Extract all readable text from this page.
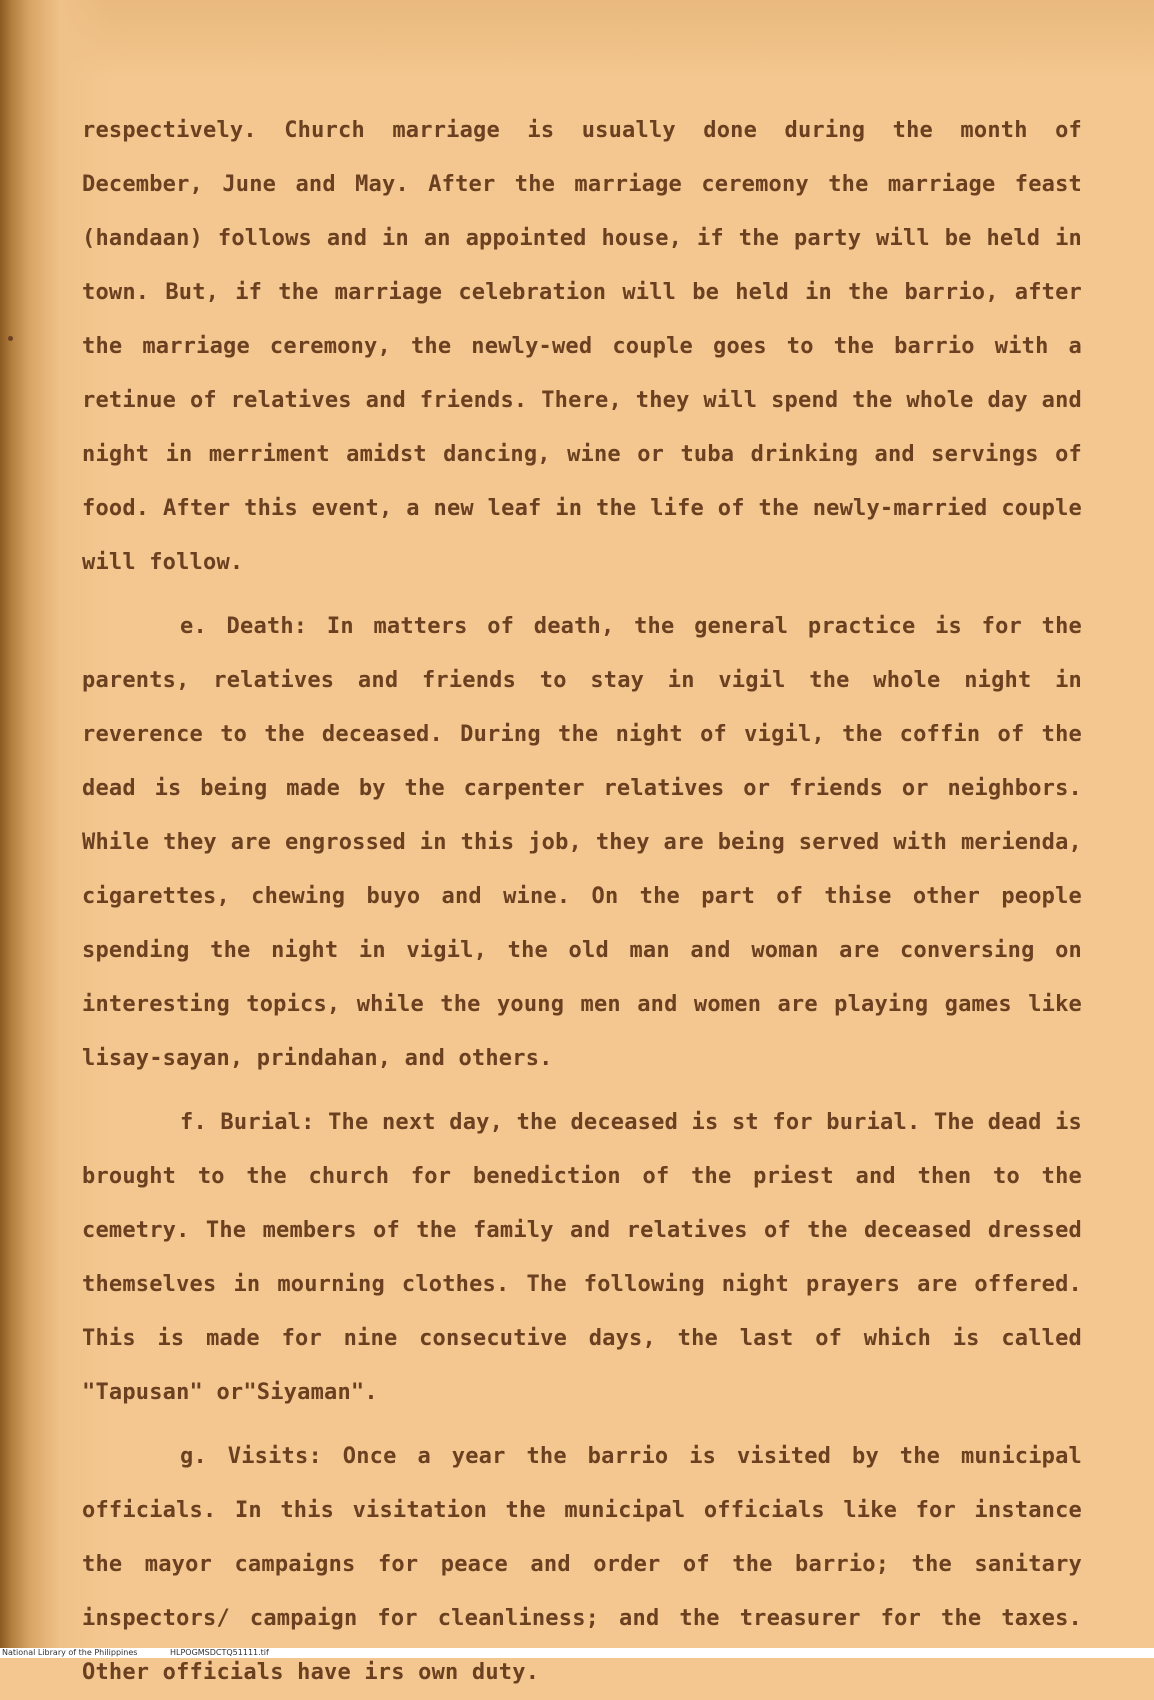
respectively. Church marriage is usually done during the month of December, June and May. After the marriage ceremony the marriage feast (handaan) follows and in an appointed house, if the party will be held in town. But, if the marriage celebration will be held in the barrio, after the marriage ceremony, the newly-wed couple goes to the barrio with a retinue of relatives and friends. There, they will spend the whole day and night in merriment amidst dancing, wine or tuba drinking and servings of food. After this event, a new leaf in the life of the newly-married couple will follow.

e. Death: In matters of death, the general practice is for the parents, relatives and friends to stay in vigil the whole night in reverence to the deceased. During the night of vigil, the coffin of the dead is being made by the carpenter relatives or friends or neighbors. While they are engrossed in this job, they are being served with merienda, cigarettes, chewing buyo and wine. On the part of thise other people spending the night in vigil, the old man and woman are conversing on interesting topics, while the young men and women are playing games like lisay-sayan, prindahan, and others.

f. Burial: The next day, the deceased is st for burial. The dead is brought to the church for benediction of the priest and then to the cemetry. The members of the family and relatives of the deceased dressed themselves in mourning clothes. The following night prayers are offered. This is made for nine consecutive days, the last of which is called "Tapusan" or"Siyaman".

g. Visits: Once a year the barrio is visited by the municipal officials. In this visitation the municipal officials like for instance the mayor campaigns for peace and order of the barrio; the sanitary inspectors/ campaign for cleanliness; and the treasurer for the taxes. Other officials have irs own duty.

National Library of the Philippines	HLPOGMSDCTQ51111.tif
